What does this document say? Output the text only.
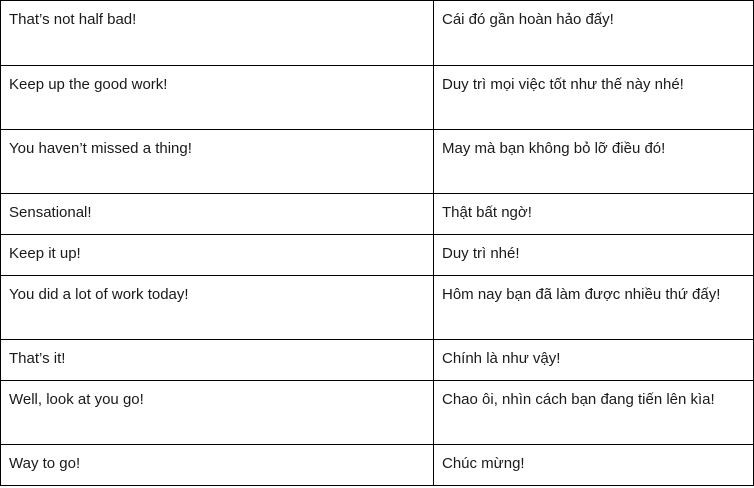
That’s not half bad!	Cái đó gần hoàn hảo đấy!
Keep up the good work!	Duy trì mọi việc tốt như thế này nhé!
You haven’t missed a thing!	May mà bạn không bỏ lỡ điều đó!
Sensational!	Thật bất ngờ!
Keep it up!	Duy trì nhé!
You did a lot of work today!	Hôm nay bạn đã làm được nhiều thứ đấy!
That’s it!	Chính là như vậy!
Well, look at you go!	Chao ôi, nhìn cách bạn đang tiến lên kìa!
Way to go!	Chúc mừng!
